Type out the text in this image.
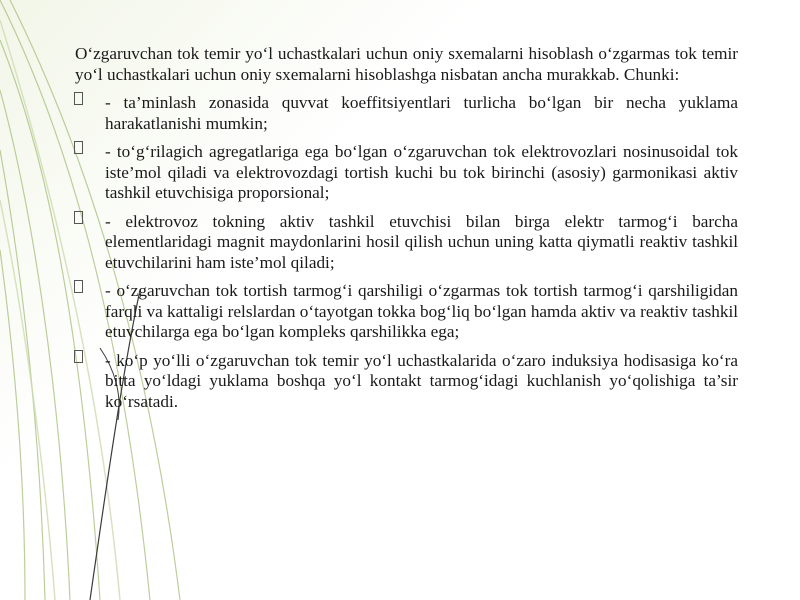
O‘zgaruvchan tok temir yo‘l uchastkalari uchun oniy sxemalarni hisoblash o‘zgarmas tok temir yo‘l uchastkalari uchun oniy sxemalarni hisoblashga nisbatan ancha murakkab. Chunki:

- ta’minlash zonasida quvvat koeffitsiyentlari turlicha bo‘lgan bir necha yuklama harakatlanishi mumkin;
- to‘g‘rilagich agregatlariga ega bo‘lgan o‘zgaruvchan tok elektrovozlari nosinusoidal tok iste’mol qiladi va elektrovozdagi tortish kuchi bu tok birinchi (asosiy) garmonikasi aktiv tashkil etuvchisiga proporsional;
- elektrovoz tokning aktiv tashkil etuvchisi bilan birga elektr tarmog‘i barcha elementlaridagi magnit maydonlarini hosil qilish uchun uning katta qiymatli reaktiv tashkil etuvchilarini ham iste’mol qiladi;
- o‘zgaruvchan tok tortish tarmog‘i qarshiligi o‘zgarmas tok tortish tarmog‘i qarshiligidan farqli va kattaligi relslardan o‘tayotgan tokka bog‘liq bo‘lgan hamda aktiv va reaktiv tashkil etuvchilarga ega bo‘lgan kompleks qarshilikka ega;
- ko‘p yo‘lli o‘zgaruvchan tok temir yo‘l uchastkalarida o‘zaro induksiya hodisasiga ko‘ra bitta yo‘ldagi yuklama boshqa yo‘l kontakt tarmog‘idagi kuchlanish yo‘qolishiga ta’sir ko‘rsatadi.
